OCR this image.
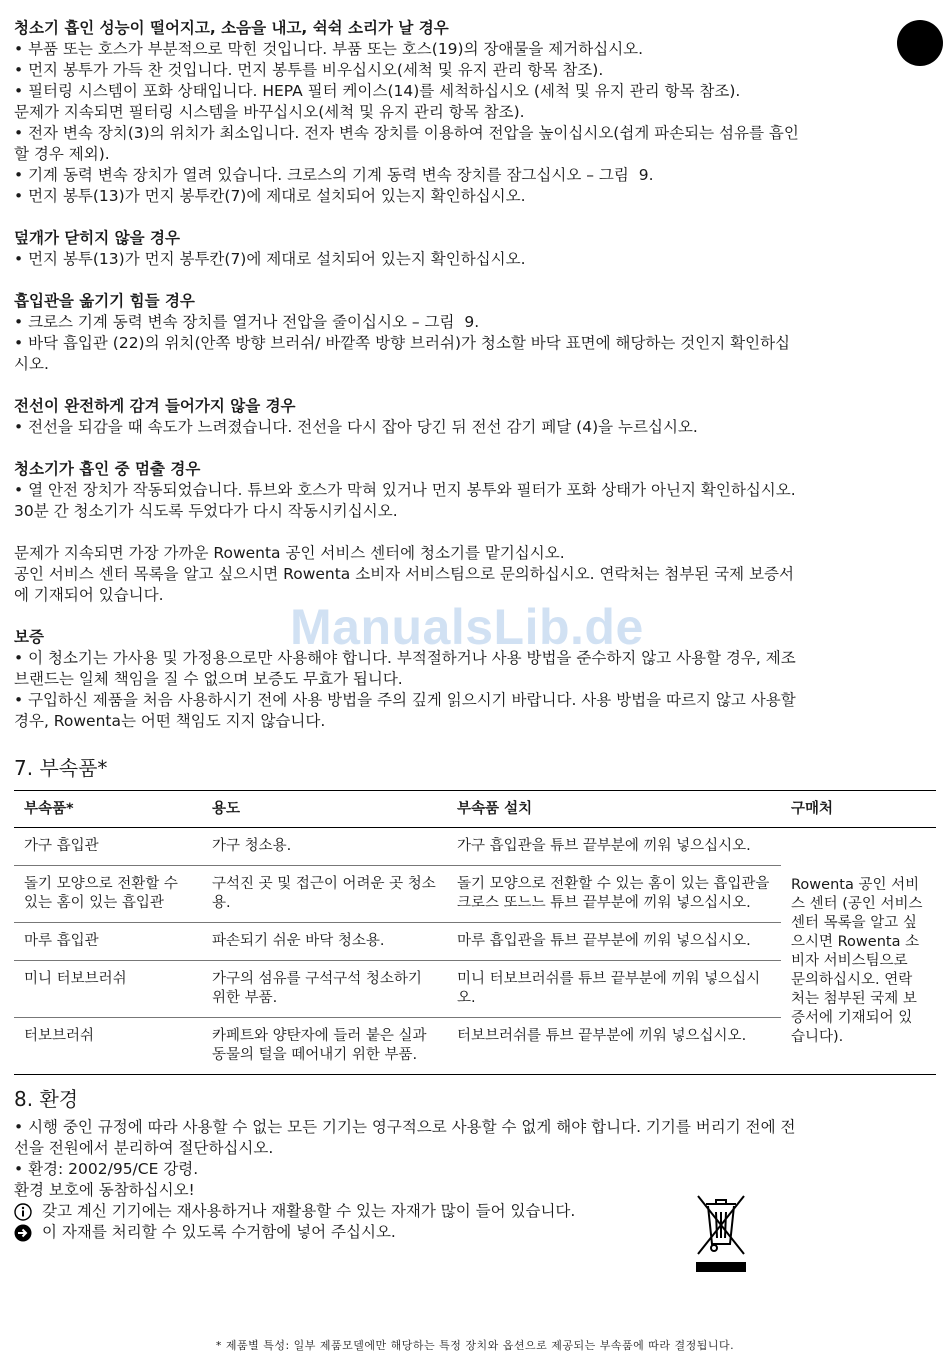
청소기 흡인 성능이 떨어지고, 소음을 내고, 쉭쉭 소리가 날 경우

• 부품 또는 호스가 부분적으로 막힌 것입니다. 부품 또는 호스(19)의 장애물을 제거하십시오.

• 먼지 봉투가 가득 찬 것입니다. 먼지 봉투를 비우십시오(세척 및 유지 관리 항목 참조).

• 필터링 시스템이 포화 상태입니다. HEPA 필터 케이스(14)를 세척하십시오 (세척 및 유지 관리 항목 참조).

문제가 지속되면 필터링 시스템을 바꾸십시오(세척 및 유지 관리 항목 참조).

• 전자 변속 장치(3)의 위치가 최소입니다. 전자 변속 장치를 이용하여 전압을 높이십시오(쉽게 파손되는 섬유를 흡인

할 경우 제외).

• 기계 동력 변속 장치가 열려 있습니다. 크로스의 기계 동력 변속 장치를 잠그십시오 – 그림  9.

• 먼지 봉투(13)가 먼지 봉투칸(7)에 제대로 설치되어 있는지 확인하십시오.

덮개가 닫히지 않을 경우

• 먼지 봉투(13)가 먼지 봉투칸(7)에 제대로 설치되어 있는지 확인하십시오.

흡입관을 옮기기 힘들 경우

• 크로스 기계 동력 변속 장치를 열거나 전압을 줄이십시오 – 그림  9.

• 바닥 흡입관 (22)의 위치(안쪽 방향 브러쉬/ 바깥쪽 방향 브러쉬)가 청소할 바닥 표면에 해당하는 것인지 확인하십

시오.

전선이 완전하게 감겨 들어가지 않을 경우

• 전선을 되감을 때 속도가 느려졌습니다. 전선을 다시 잡아 당긴 뒤 전선 감기 페달 (4)을 누르십시오.

청소기가 흡인 중 멈출 경우

• 열 안전 장치가 작동되었습니다. 튜브와 호스가 막혀 있거나 먼지 봉투와 필터가 포화 상태가 아닌지 확인하십시오.

30분 간 청소기가 식도록 두었다가 다시 작동시키십시오.

문제가 지속되면 가장 가까운 Rowenta 공인 서비스 센터에 청소기를 맡기십시오.

공인 서비스 센터 목록을 알고 싶으시면 Rowenta 소비자 서비스팀으로 문의하십시오. 연락처는 첨부된 국제 보증서

에 기재되어 있습니다.

보증

• 이 청소기는 가사용 및 가정용으로만 사용해야 합니다. 부적절하거나 사용 방법을 준수하지 않고 사용할 경우, 제조

브랜드는 일체 책임을 질 수 없으며 보증도 무효가 됩니다.

• 구입하신 제품을 처음 사용하시기 전에 사용 방법을 주의 깊게 읽으시기 바랍니다. 사용 방법을 따르지 않고 사용할

경우, Rowenta는 어떤 책임도 지지 않습니다.

7. 부속품*
부속품*	용도	부속품 설치	구매처
가구 흡입관	가구 청소용.	가구 흡입관을 튜브 끝부분에 끼워 넣으십시오.	Rowenta 공인 서비스 센터 (공인 서비스 센터 목록을 알고 싶으시면 Rowenta 소비자 서비스팀으로 문의하십시오. 연락처는 첨부된 국제 보증서에 기재되어 있습니다).
돌기 모양으로 전환할 수 있는 홈이 있는 흡입관	구석진 곳 및 접근이 어려운 곳 청소용.	돌기 모양으로 전환할 수 있는 홈이 있는 흡입관을 크로스 또느느 튜브 끝부분에 끼워 넣으십시오.	
마루 흡입관	파손되기 쉬운 바닥 청소용.	마루 흡입관을 튜브 끝부분에 끼워 넣으십시오.	
미니 터보브러쉬	가구의 섬유를 구석구석 청소하기 위한 부품.	미니 터보브러쉬를 튜브 끝부분에 끼워 넣으십시오.	
터보브러쉬	카페트와 양탄자에 들러 붙은 실과 동물의 털을 떼어내기 위한 부품.	터보브러쉬를 튜브 끝부분에 끼워 넣으십시오.	
8. 환경

• 시행 중인 규정에 따라 사용할 수 없는 모든 기기는 영구적으로 사용할 수 없게 해야 합니다. 기기를 버리기 전에 전

선을 전원에서 분리하여 절단하십시오.

• 환경: 2002/95/CE 강령.

환경 보호에 동참하십시오!

갖고 계신 기기에는 재사용하거나 재활용할 수 있는 자재가 많이 들어 있습니다.

이 자재를 처리할 수 있도록 수거함에 넣어 주십시오.

ManualsLib.de
* 제품별 특성: 일부 제품모델에만 해당하는 특정 장치와 옵션으로 제공되는 부속품에 따라 결정됩니다.
